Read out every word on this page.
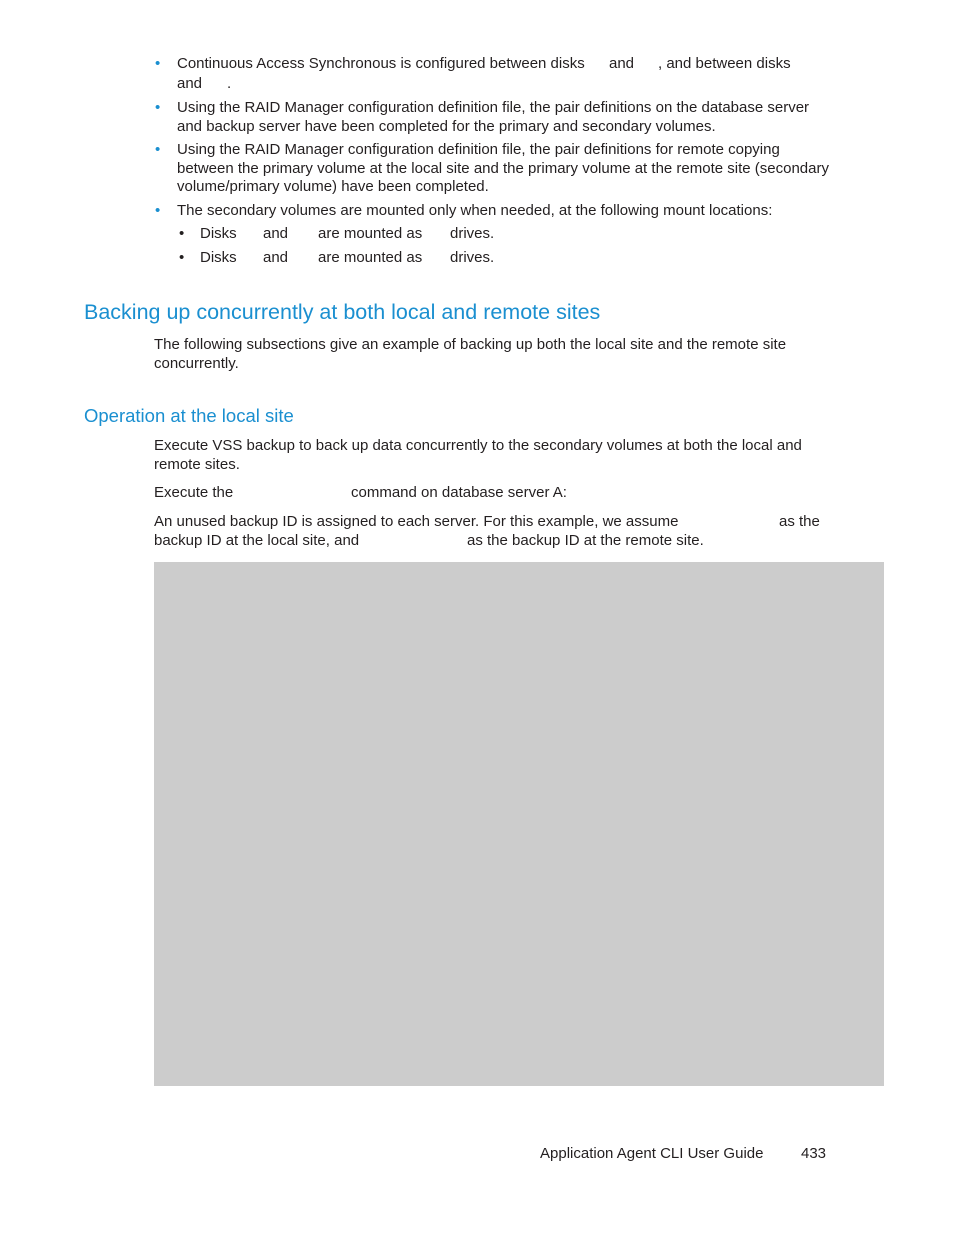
• Continuous Access Synchronous is configured between disks and , and between disks
and .
• Using the RAID Manager configuration definition file, the pair definitions on the database server
and backup server have been completed for the primary and secondary volumes.
• Using the RAID Manager configuration definition file, the pair definitions for remote copying
between the primary volume at the local site and the primary volume at the remote site (secondary
volume/primary volume) have been completed.
• The secondary volumes are mounted only when needed, at the following mount locations:
• Disks and are mounted as drives.
• Disks and are mounted as drives.
Backing up concurrently at both local and remote sites
The following subsections give an example of backing up both the local site and the remote site
concurrently.
Operation at the local site
Execute VSS backup to back up data concurrently to the secondary volumes at both the local and
remote sites.
Execute the	command on database server A:
An unused backup ID is assigned to each server. For this example, we assume	as the
backup ID at the local site, and	as the backup ID at the remote site.
Application Agent CLI User Guide	433
